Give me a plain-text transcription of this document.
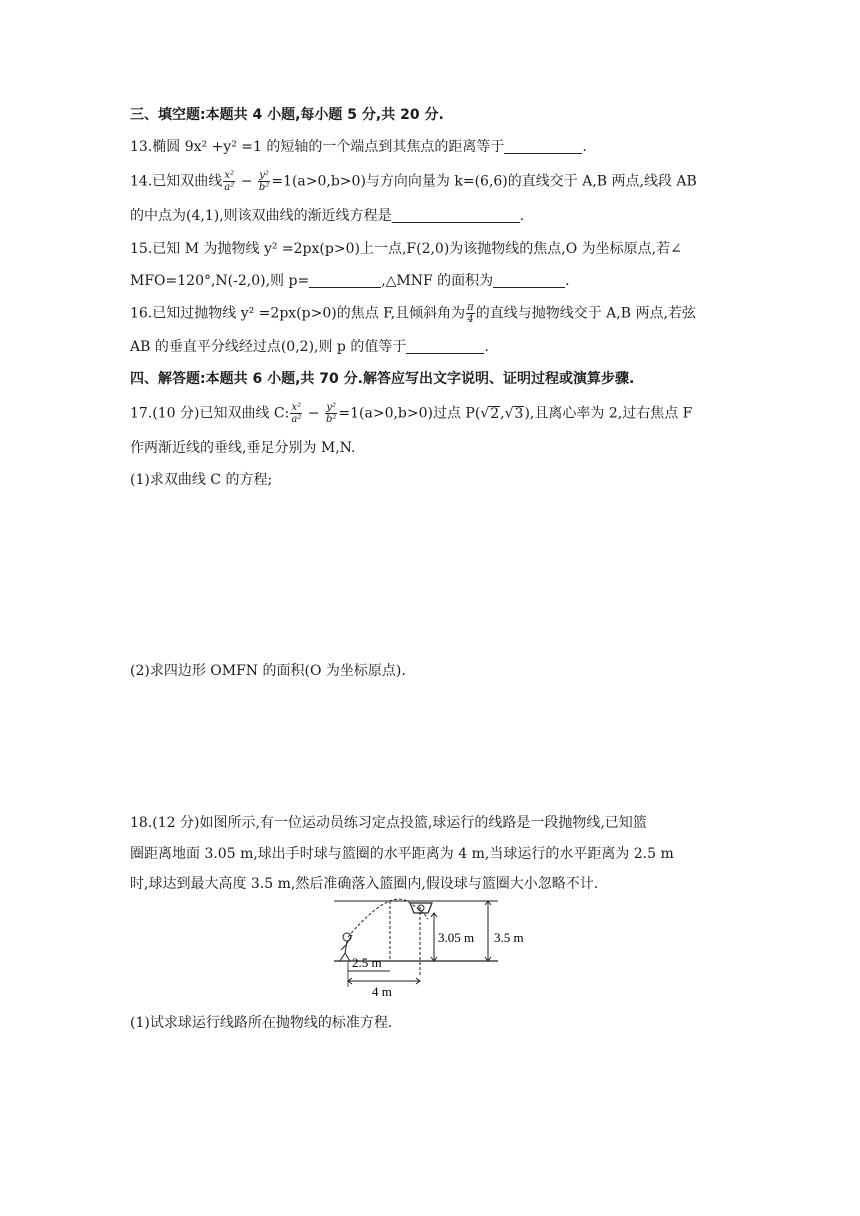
三、填空题:本题共 4 小题,每小题 5 分,共 20 分.
13.椭圆 9x² +y² =1 的短轴的一个端点到其焦点的距离等于	.
14.已知双曲线 $\frac{\text{x²}}{\text{a²}} - \frac{\text{y²}}{\text{b²}} =1(a>0,b>0)$与方向向量为 k=(6,6)的直线交于 A,B 两点,线段 AB
的中点为(4,1),则该双曲线的渐近线方程是	.
15.已知 M 为抛物线 y² =2px(p>0)上一点,F(2,0)为该抛物线的焦点,O 为坐标原点,若∠
MFO=120°,N(-2,0),则 p=	,△MNF 的面积为	.
16.已知过抛物线 y² =2px(p>0)的焦点 F,且倾斜角为 $\frac{\pi}{4}$ 的直线与抛物线交于 A,B 两点,若弦
AB 的垂直平分线经过点(0,2),则 p 的值等于	.
四、解答题:本题共 6 小题,共 70 分.解答应写出文字说明、证明过程或演算步骤.
17.(10 分)已知双曲线 C: $\frac{\text{x²}}{\text{a²}} - \frac{\text{y²}}{\text{b²}} =1(a>0,b>0)$过点 P(√2,√3),且离心率为 2,过右焦点 F
作两渐近线的垂线,垂足分别为 M,N.
(1)求双曲线 C 的方程;
(2)求四边形 OMFN 的面积(O 为坐标原点).
18.(12 分)如图所示,有一位运动员练习定点投篮,球运行的线路是一段抛物线,已知篮
圈距离地面 3.05 m,球出手时球与篮圈的水平距离为 4 m,当球运行的水平距离为 2.5 m
时,球达到最大高度 3.5 m,然后准确落入篮圈内,假设球与篮圈大小忽略不计.
3.05 m 3.5 m
2.5 m
4 m
(1)试求球运行线路所在抛物线的标准方程.
